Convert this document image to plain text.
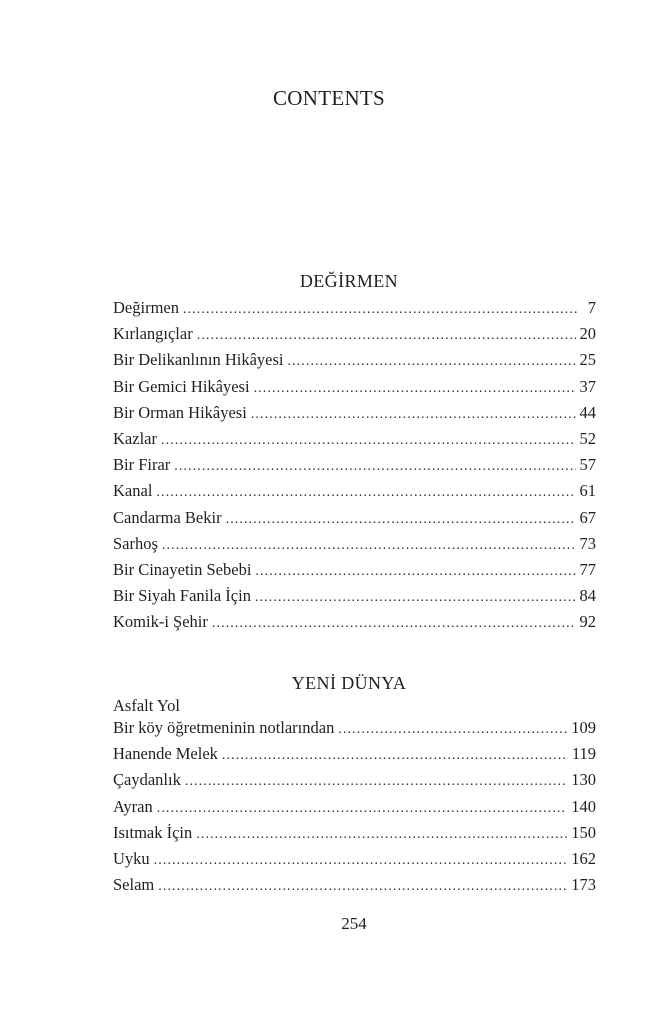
CONTENTS
DEĞİRMEN
Değirmen . . .	7
Kırlangıçlar . . .	20
Bir Delikanlının Hikâyesi . . .	25
Bir Gemici Hikâyesi . . .	37
Bir Orman Hikâyesi . . .	44
Kazlar . . .	52
Bir Firar . . .	57
Kanal . . .	61
Candarma Bekir . . .	67
Sarhoş . . .	73
Bir Cinayetin Sebebi . . .	77
Bir Siyah Fanila İçin . . .	84
Komik-i Şehir . . .	92
YENİ DÜNYA
Asfalt Yol
Bir köy öğretmeninin notlarından . . .	109
Hanende Melek . . .	119
Çaydanlık . . .	130
Ayran . . .	140
Isıtmak İçin . . .	150
Uyku . . .	162
Selam . . .	173
254
